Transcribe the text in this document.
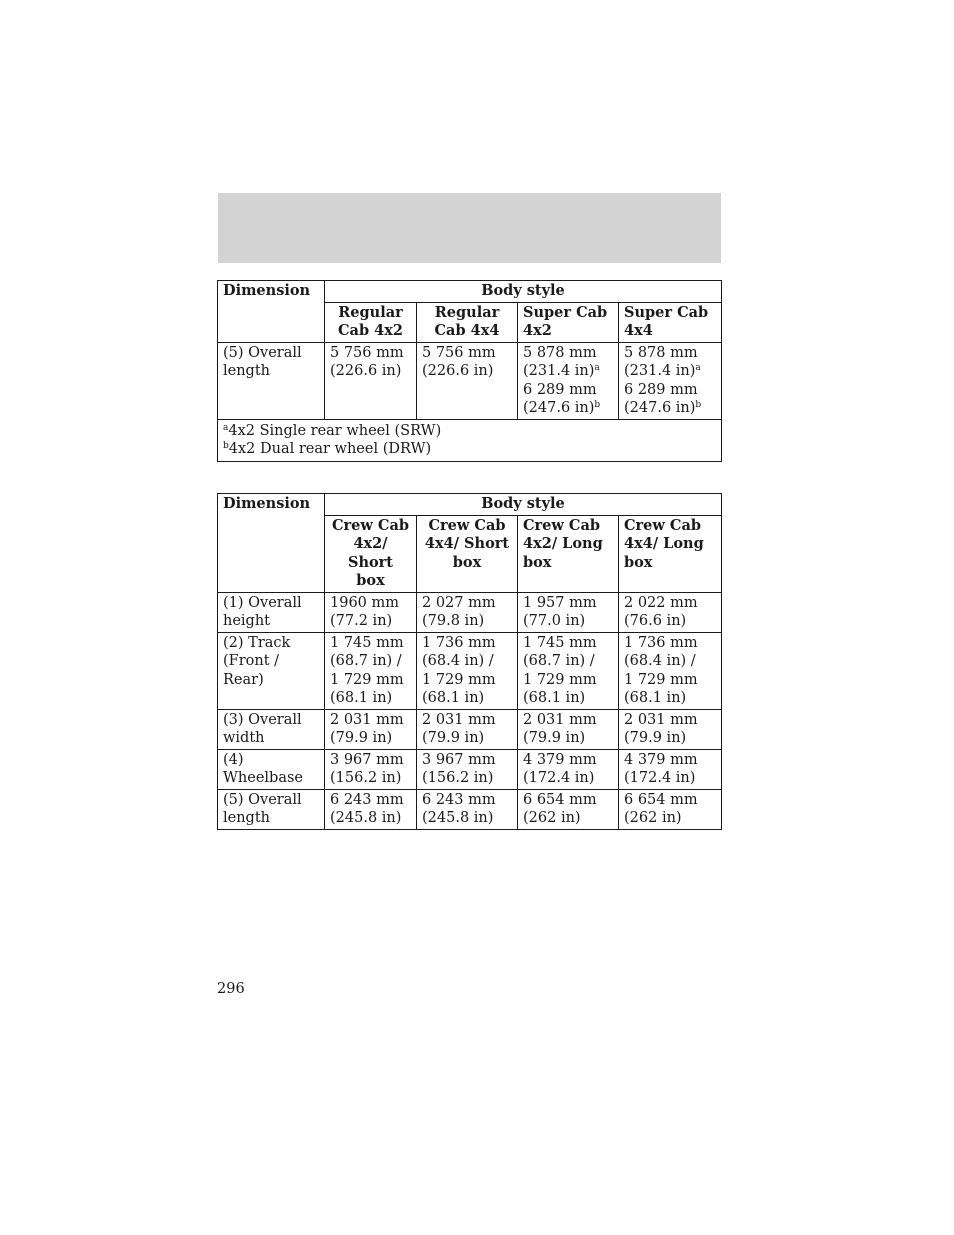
Dimension	Body style			

	Regular
Cab 4x2	Regular
Cab 4x4	Super Cab
4x2	Super Cab
4x4

(5) Overall
length	5 756 mm
(226.6 in)	5 756 mm
(226.6 in)	5 878 mm
(231.4 in)$^a$
6 289 mm
(247.6 in)$^b$	5 878 mm
(231.4 in)$^a$
6 289 mm
(247.6 in)$^b$

$^a$4x2 Single rear wheel (SRW)
$^b$4x2 Dual rear wheel (DRW)				
Dimension	Body style			

	Crew Cab
4x2/ Short
box	Crew Cab
4x4/ Short
box	Crew Cab
4x2/ Long
box	Crew Cab
4x4/ Long
box

(1) Overall
height	1960 mm
(77.2 in)	2 027 mm
(79.8 in)	1 957 mm
(77.0 in)	2 022 mm
(76.6 in)

(2) Track
(Front /
Rear)	1 745 mm
(68.7 in) /
1 729 mm
(68.1 in)	1 736 mm
(68.4 in) /
1 729 mm
(68.1 in)	1 745 mm
(68.7 in) /
1 729 mm
(68.1 in)	1 736 mm
(68.4 in) /
1 729 mm
(68.1 in)

(3) Overall
width	2 031 mm
(79.9 in)	2 031 mm
(79.9 in)	2 031 mm
(79.9 in)	2 031 mm
(79.9 in)

(4)
Wheelbase	3 967 mm
(156.2 in)	3 967 mm
(156.2 in)	4 379 mm
(172.4 in)	4 379 mm
(172.4 in)

(5) Overall
length	6 243 mm
(245.8 in)	6 243 mm
(245.8 in)	6 654 mm
(262 in)	6 654 mm
(262 in)
296
